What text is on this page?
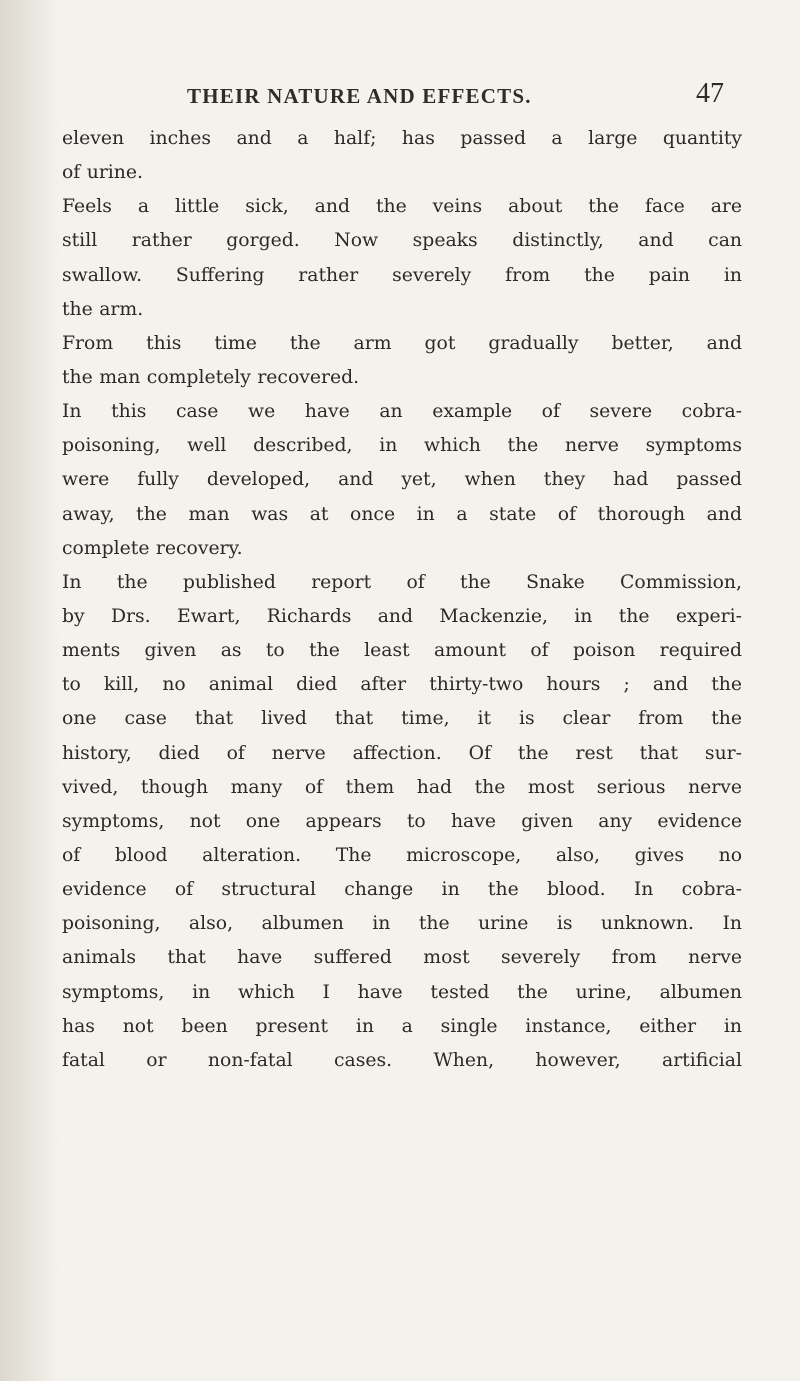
THEIR NATURE AND EFFECTS.	47
eleven inches and a half; has passed a large quantity
of urine.
Feels a little sick, and the veins about the face are
still rather gorged. Now speaks distinctly, and can
swallow. Suffering rather severely from the pain in
the arm.
From this time the arm got gradually better, and
the man completely recovered.
In this case we have an example of severe cobra-
poisoning, well described, in which the nerve symptoms
were fully developed, and yet, when they had passed
away, the man was at once in a state of thorough and
complete recovery.
In the published report of the Snake Commission,
by Drs. Ewart, Richards and Mackenzie, in the experi-
ments given as to the least amount of poison required
to kill, no animal died after thirty-two hours ; and the
one case that lived that time, it is clear from the
history, died of nerve affection. Of the rest that sur-
vived, though many of them had the most serious nerve
symptoms, not one appears to have given any evidence
of blood alteration. The microscope, also, gives no
evidence of structural change in the blood. In cobra-
poisoning, also, albumen in the urine is unknown. In
animals that have suffered most severely from nerve
symptoms, in which I have tested the urine, albumen
has not been present in a single instance, either in
fatal or non-fatal cases. When, however, artificial
